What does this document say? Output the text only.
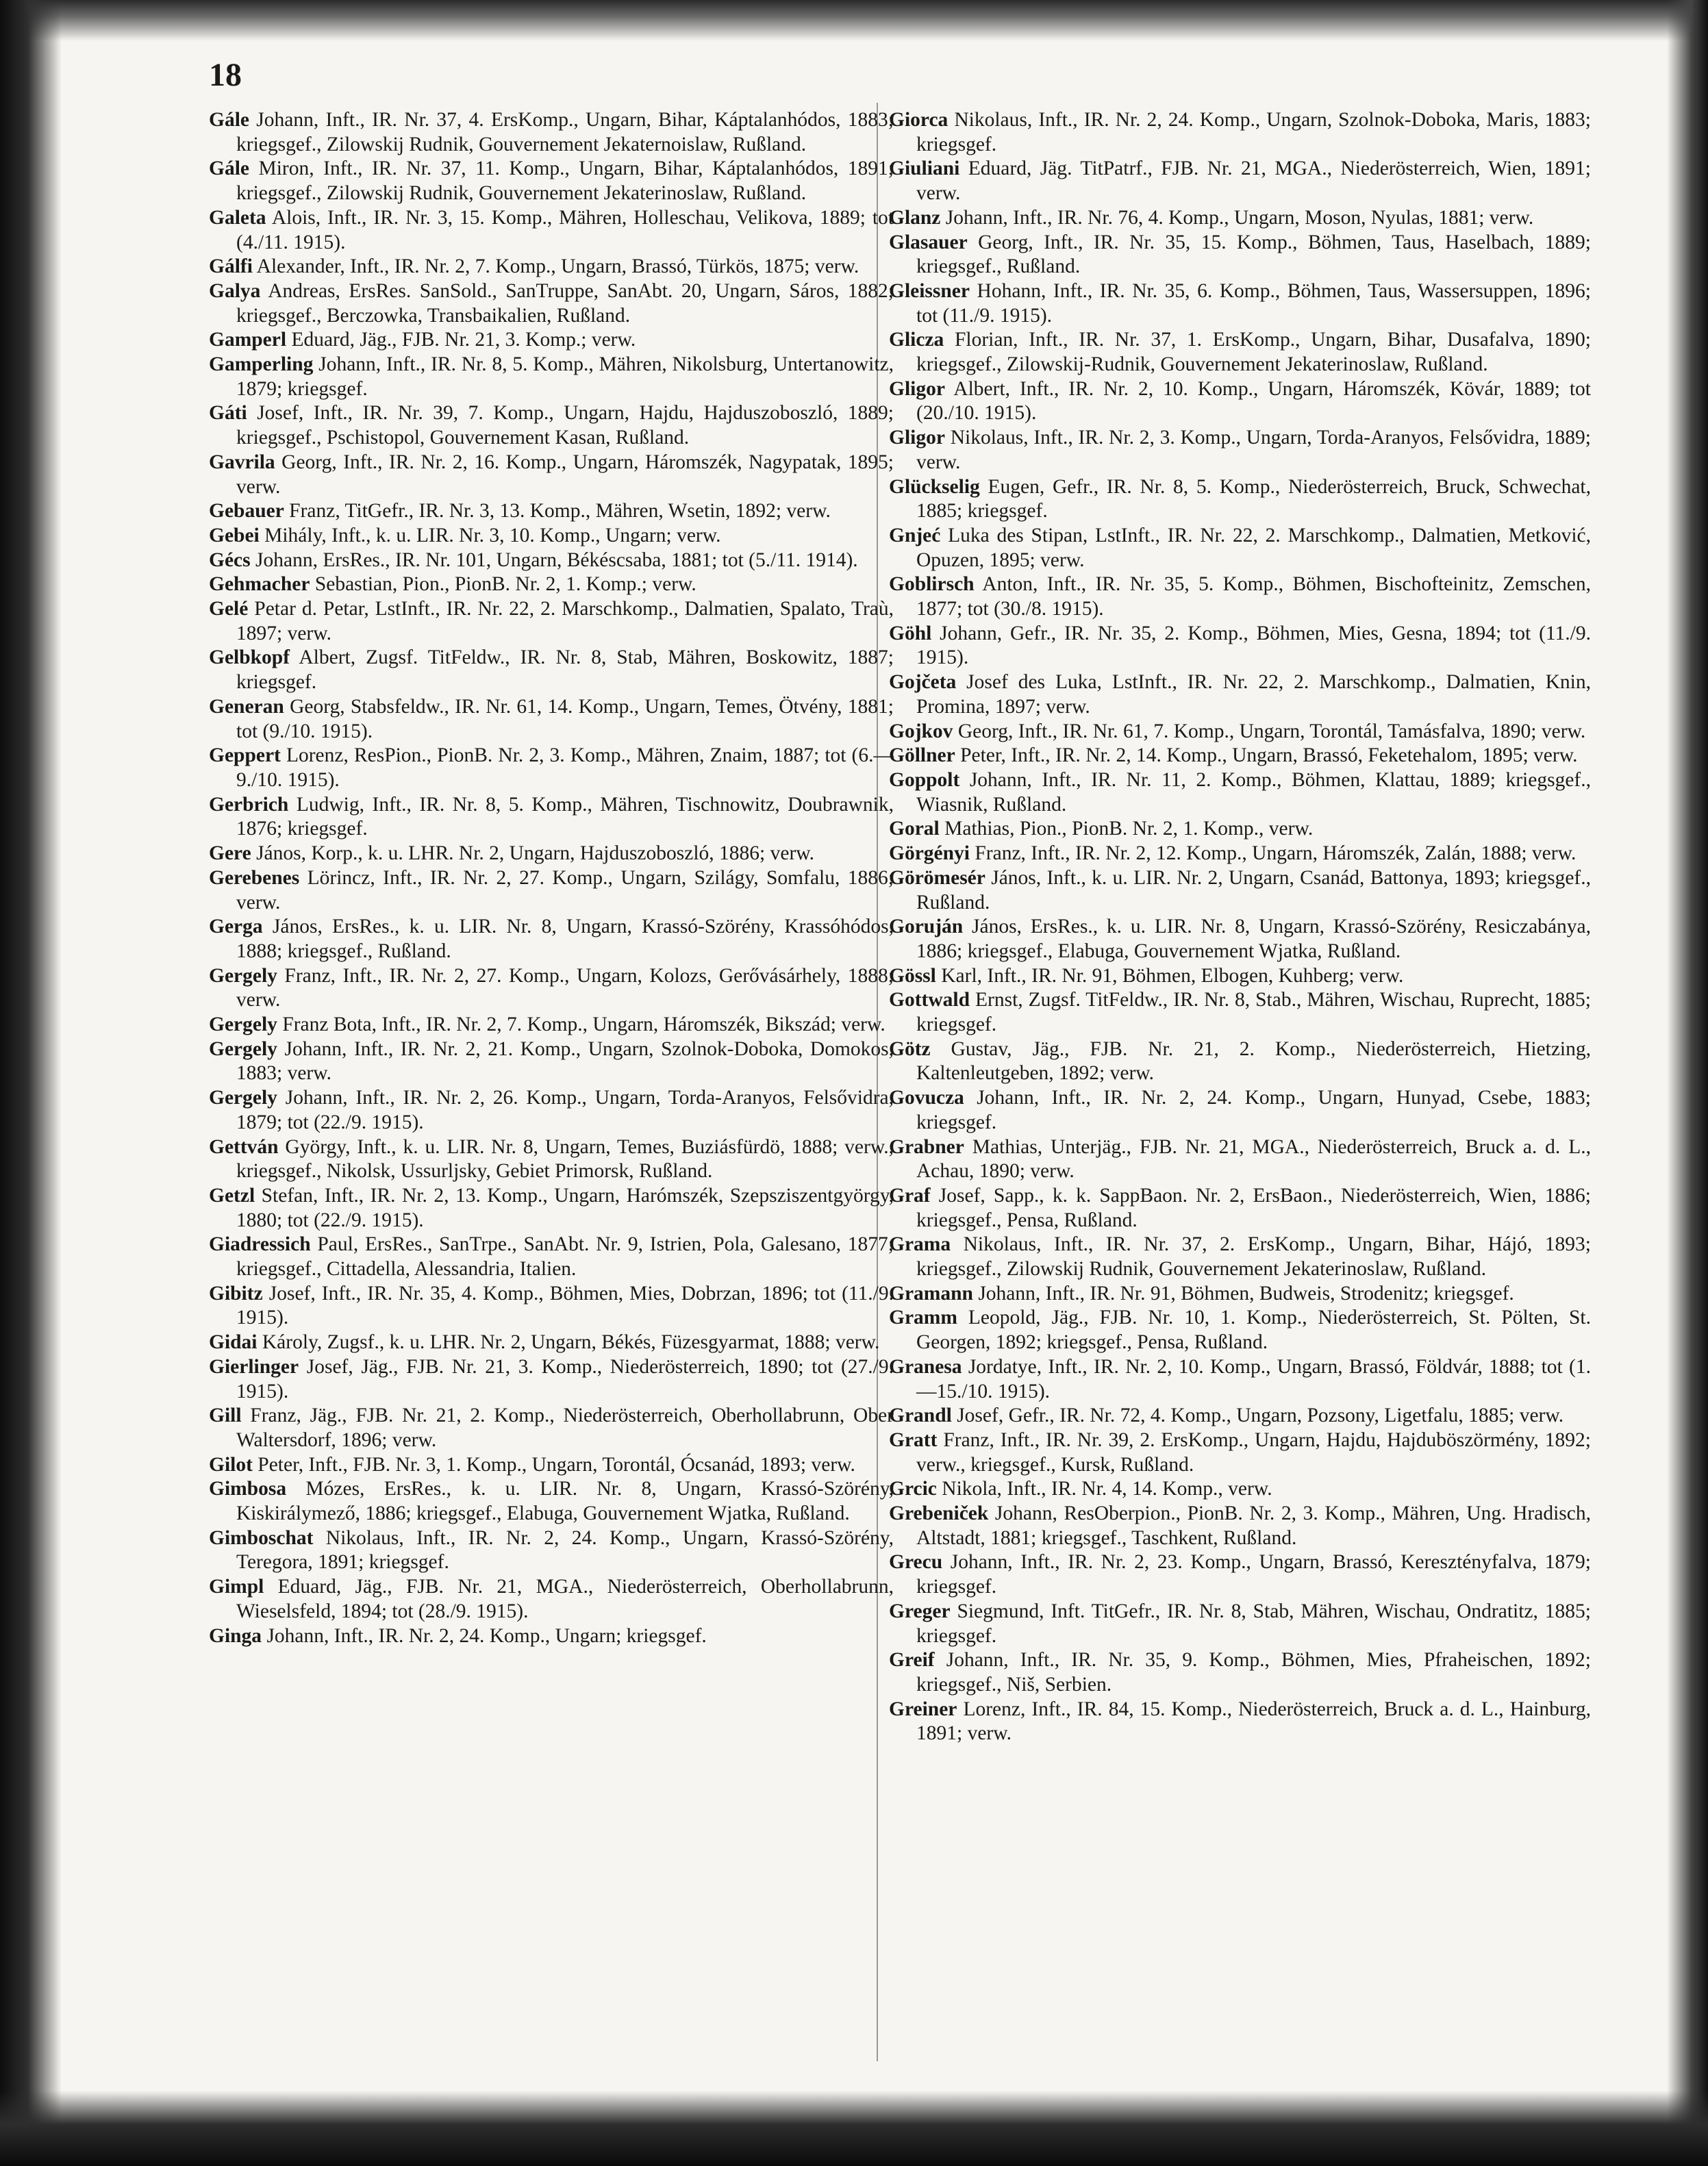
18

Gále Johann, Inft., IR. Nr. 37, 4. ErsKomp., Ungarn, Bihar, Káptalanhódos, 1883; kriegsgef., Zilowskij Rudnik, Gouvernement Jekaternoislaw, Rußland.

Gále Miron, Inft., IR. Nr. 37, 11. Komp., Ungarn, Bihar, Káptalanhódos, 1891; kriegsgef., Zilowskij Rudnik, Gouvernement Jekaterinoslaw, Rußland.

Galeta Alois, Inft., IR. Nr. 3, 15. Komp., Mähren, Holleschau, Velikova, 1889; tot (4./11. 1915).

Gálfi Alexander, Inft., IR. Nr. 2, 7. Komp., Ungarn, Brassó, Türkös, 1875; verw.

Galya Andreas, ErsRes. SanSold., SanTruppe, SanAbt. 20, Ungarn, Sáros, 1882; kriegsgef., Berczowka, Transbaikalien, Rußland.

Gamperl Eduard, Jäg., FJB. Nr. 21, 3. Komp.; verw.

Gamperling Johann, Inft., IR. Nr. 8, 5. Komp., Mähren, Nikolsburg, Untertanowitz, 1879; kriegsgef.

Gáti Josef, Inft., IR. Nr. 39, 7. Komp., Ungarn, Hajdu, Hajduszoboszló, 1889; kriegsgef., Pschistopol, Gouvernement Kasan, Rußland.

Gavrila Georg, Inft., IR. Nr. 2, 16. Komp., Ungarn, Háromszék, Nagypatak, 1895; verw.

Gebauer Franz, TitGefr., IR. Nr. 3, 13. Komp., Mähren, Wsetin, 1892; verw.

Gebei Mihály, Inft., k. u. LIR. Nr. 3, 10. Komp., Ungarn; verw.

Gécs Johann, ErsRes., IR. Nr. 101, Ungarn, Békéscsaba, 1881; tot (5./11. 1914).

Gehmacher Sebastian, Pion., PionB. Nr. 2, 1. Komp.; verw.

Gelé Petar d. Petar, LstInft., IR. Nr. 22, 2. Marschkomp., Dalmatien, Spalato, Traù, 1897; verw.

Gelbkopf Albert, Zugsf. TitFeldw., IR. Nr. 8, Stab, Mähren, Boskowitz, 1887; kriegsgef.

Generan Georg, Stabsfeldw., IR. Nr. 61, 14. Komp., Ungarn, Temes, Ötvény, 1881; tot (9./10. 1915).

Geppert Lorenz, ResPion., PionB. Nr. 2, 3. Komp., Mähren, Znaim, 1887; tot (6.—9./10. 1915).

Gerbrich Ludwig, Inft., IR. Nr. 8, 5. Komp., Mähren, Tischnowitz, Doubrawnik, 1876; kriegsgef.

Gere János, Korp., k. u. LHR. Nr. 2, Ungarn, Hajduszoboszló, 1886; verw.

Gerebenes Lörincz, Inft., IR. Nr. 2, 27. Komp., Ungarn, Szilágy, Somfalu, 1886; verw.

Gerga János, ErsRes., k. u. LIR. Nr. 8, Ungarn, Krassó-Szörény, Krassóhódos, 1888; kriegsgef., Rußland.

Gergely Franz, Inft., IR. Nr. 2, 27. Komp., Ungarn, Kolozs, Gerővásárhely, 1888; verw.

Gergely Franz Bota, Inft., IR. Nr. 2, 7. Komp., Ungarn, Háromszék, Bikszád; verw.

Gergely Johann, Inft., IR. Nr. 2, 21. Komp., Ungarn, Szolnok-Doboka, Domokos, 1883; verw.

Gergely Johann, Inft., IR. Nr. 2, 26. Komp., Ungarn, Torda-Aranyos, Felsővidra, 1879; tot (22./9. 1915).

Gettván György, Inft., k. u. LIR. Nr. 8, Ungarn, Temes, Buziásfürdö, 1888; verw., kriegsgef., Nikolsk, Ussurljsky, Gebiet Primorsk, Rußland.

Getzl Stefan, Inft., IR. Nr. 2, 13. Komp., Ungarn, Harómszék, Szepsziszentgyörgy, 1880; tot (22./9. 1915).

Giadressich Paul, ErsRes., SanTrpe., SanAbt. Nr. 9, Istrien, Pola, Galesano, 1877; kriegsgef., Cittadella, Alessandria, Italien.

Gibitz Josef, Inft., IR. Nr. 35, 4. Komp., Böhmen, Mies, Dobrzan, 1896; tot (11./9. 1915).

Gidai Károly, Zugsf., k. u. LHR. Nr. 2, Ungarn, Békés, Füzesgyarmat, 1888; verw.

Gierlinger Josef, Jäg., FJB. Nr. 21, 3. Komp., Niederösterreich, 1890; tot (27./9. 1915).

Gill Franz, Jäg., FJB. Nr. 21, 2. Komp., Niederösterreich, Oberhollabrunn, Ober Waltersdorf, 1896; verw.

Gilot Peter, Inft., FJB. Nr. 3, 1. Komp., Ungarn, Torontál, Ócsanád, 1893; verw.

Gimbosa Mózes, ErsRes., k. u. LIR. Nr. 8, Ungarn, Krassó-Szörény, Kiskirálymező, 1886; kriegsgef., Elabuga, Gouvernement Wjatka, Rußland.

Gimboschat Nikolaus, Inft., IR. Nr. 2, 24. Komp., Ungarn, Krassó-Szörény, Teregora, 1891; kriegsgef.

Gimpl Eduard, Jäg., FJB. Nr. 21, MGA., Niederösterreich, Oberhollabrunn, Wieselsfeld, 1894; tot (28./9. 1915).

Ginga Johann, Inft., IR. Nr. 2, 24. Komp., Ungarn; kriegsgef.

Giorca Nikolaus, Inft., IR. Nr. 2, 24. Komp., Ungarn, Szolnok-Doboka, Maris, 1883; kriegsgef.

Giuliani Eduard, Jäg. TitPatrf., FJB. Nr. 21, MGA., Niederösterreich, Wien, 1891; verw.

Glanz Johann, Inft., IR. Nr. 76, 4. Komp., Ungarn, Moson, Nyulas, 1881; verw.

Glasauer Georg, Inft., IR. Nr. 35, 15. Komp., Böhmen, Taus, Haselbach, 1889; kriegsgef., Rußland.

Gleissner Hohann, Inft., IR. Nr. 35, 6. Komp., Böhmen, Taus, Wassersuppen, 1896; tot (11./9. 1915).

Glicza Florian, Inft., IR. Nr. 37, 1. ErsKomp., Ungarn, Bihar, Dusafalva, 1890; kriegsgef., Zilowskij-Rudnik, Gouvernement Jekaterinoslaw, Rußland.

Gligor Albert, Inft., IR. Nr. 2, 10. Komp., Ungarn, Háromszék, Kövár, 1889; tot (20./10. 1915).

Gligor Nikolaus, Inft., IR. Nr. 2, 3. Komp., Ungarn, Torda-Aranyos, Felsővidra, 1889; verw.

Glückselig Eugen, Gefr., IR. Nr. 8, 5. Komp., Niederösterreich, Bruck, Schwechat, 1885; kriegsgef.

Gnjeć Luka des Stipan, LstInft., IR. Nr. 22, 2. Marschkomp., Dalmatien, Metković, Opuzen, 1895; verw.

Goblirsch Anton, Inft., IR. Nr. 35, 5. Komp., Böhmen, Bischofteinitz, Zemschen, 1877; tot (30./8. 1915).

Göhl Johann, Gefr., IR. Nr. 35, 2. Komp., Böhmen, Mies, Gesna, 1894; tot (11./9. 1915).

Gojčeta Josef des Luka, LstInft., IR. Nr. 22, 2. Marschkomp., Dalmatien, Knin, Promina, 1897; verw.

Gojkov Georg, Inft., IR. Nr. 61, 7. Komp., Ungarn, Torontál, Tamásfalva, 1890; verw.

Göllner Peter, Inft., IR. Nr. 2, 14. Komp., Ungarn, Brassó, Feketehalom, 1895; verw.

Goppolt Johann, Inft., IR. Nr. 11, 2. Komp., Böhmen, Klattau, 1889; kriegsgef., Wiasnik, Rußland.

Goral Mathias, Pion., PionB. Nr. 2, 1. Komp., verw.

Görgényi Franz, Inft., IR. Nr. 2, 12. Komp., Ungarn, Háromszék, Zalán, 1888; verw.

Görömesér János, Inft., k. u. LIR. Nr. 2, Ungarn, Csanád, Battonya, 1893; kriegsgef., Rußland.

Goruján János, ErsRes., k. u. LIR. Nr. 8, Ungarn, Krassó-Szörény, Resiczabánya, 1886; kriegsgef., Elabuga, Gouvernement Wjatka, Rußland.

Gössl Karl, Inft., IR. Nr. 91, Böhmen, Elbogen, Kuhberg; verw.

Gottwald Ernst, Zugsf. TitFeldw., IR. Nr. 8, Stab., Mähren, Wischau, Ruprecht, 1885; kriegsgef.

Götz Gustav, Jäg., FJB. Nr. 21, 2. Komp., Niederösterreich, Hietzing, Kaltenleutgeben, 1892; verw.

Govucza Johann, Inft., IR. Nr. 2, 24. Komp., Ungarn, Hunyad, Csebe, 1883; kriegsgef.

Grabner Mathias, Unterjäg., FJB. Nr. 21, MGA., Niederösterreich, Bruck a. d. L., Achau, 1890; verw.

Graf Josef, Sapp., k. k. SappBaon. Nr. 2, ErsBaon., Niederösterreich, Wien, 1886; kriegsgef., Pensa, Rußland.

Grama Nikolaus, Inft., IR. Nr. 37, 2. ErsKomp., Ungarn, Bihar, Hájó, 1893; kriegsgef., Zilowskij Rudnik, Gouvernement Jekaterinoslaw, Rußland.

Gramann Johann, Inft., IR. Nr. 91, Böhmen, Budweis, Strodenitz; kriegsgef.

Gramm Leopold, Jäg., FJB. Nr. 10, 1. Komp., Niederösterreich, St. Pölten, St. Georgen, 1892; kriegsgef., Pensa, Rußland.

Granesa Jordatye, Inft., IR. Nr. 2, 10. Komp., Ungarn, Brassó, Földvár, 1888; tot (1.—15./10. 1915).

Grandl Josef, Gefr., IR. Nr. 72, 4. Komp., Ungarn, Pozsony, Ligetfalu, 1885; verw.

Gratt Franz, Inft., IR. Nr. 39, 2. ErsKomp., Ungarn, Hajdu, Hajduböszörmény, 1892; verw., kriegsgef., Kursk, Rußland.

Grcic Nikola, Inft., IR. Nr. 4, 14. Komp., verw.

Grebeniček Johann, ResOberpion., PionB. Nr. 2, 3. Komp., Mähren, Ung. Hradisch, Altstadt, 1881; kriegsgef., Taschkent, Rußland.

Grecu Johann, Inft., IR. Nr. 2, 23. Komp., Ungarn, Brassó, Keresztényfalva, 1879; kriegsgef.

Greger Siegmund, Inft. TitGefr., IR. Nr. 8, Stab, Mähren, Wischau, Ondratitz, 1885; kriegsgef.

Greif Johann, Inft., IR. Nr. 35, 9. Komp., Böhmen, Mies, Pfraheischen, 1892; kriegsgef., Niš, Serbien.

Greiner Lorenz, Inft., IR. 84, 15. Komp., Niederösterreich, Bruck a. d. L., Hainburg, 1891; verw.
